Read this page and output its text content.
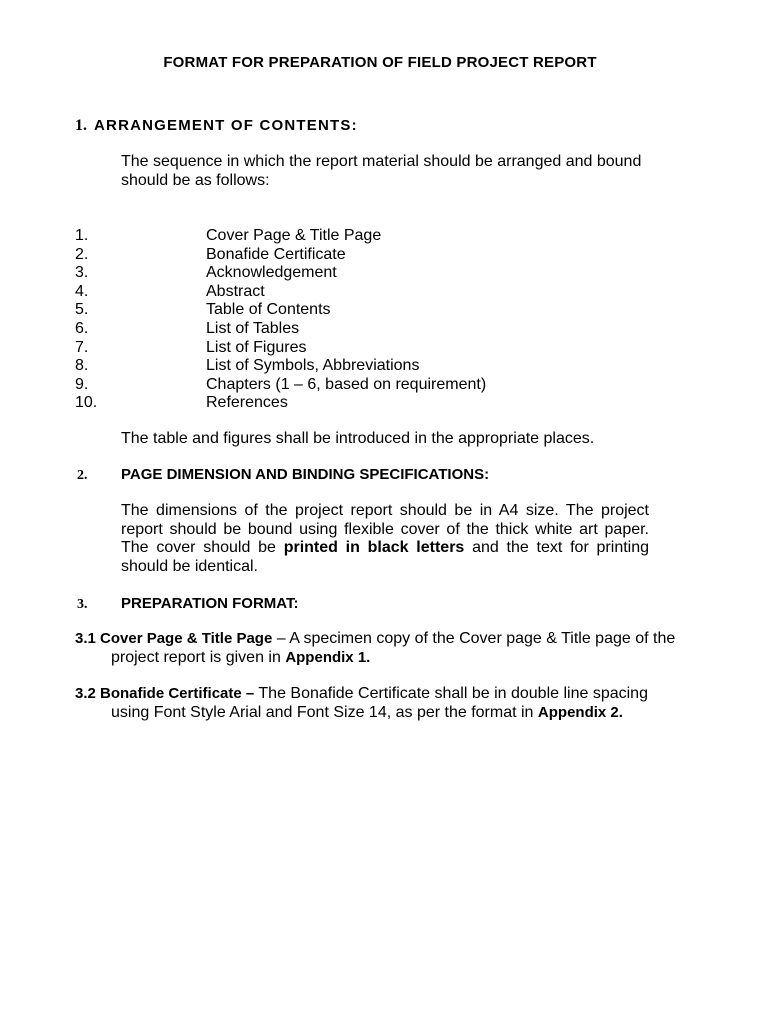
FORMAT FOR PREPARATION OF FIELD PROJECT REPORT
1. ARRANGEMENT OF CONTENTS:
The sequence in which the report material should be arranged and bound should be as follows:
1.	Cover Page & Title Page
2.	Bonafide Certificate
3.	Acknowledgement
4.	Abstract
5.	Table of Contents
6.	List of Tables
7.	List of Figures
8.	List of Symbols, Abbreviations
9.	Chapters (1 – 6, based on requirement)
10.	References
The table and figures shall be introduced in the appropriate places.
2. PAGE DIMENSION AND BINDING SPECIFICATIONS:
The dimensions of the project report should be in A4 size. The project report should be bound using flexible cover of the thick white art paper. The cover should be printed in black letters and the text for printing should be identical.
3. PREPARATION FORMAT:
3.1 Cover Page & Title Page – A specimen copy of the Cover page & Title page of the
project report is given in Appendix 1.
3.2 Bonafide Certificate – The Bonafide Certificate shall be in double line spacing
using Font Style Arial and Font Size 14, as per the format in Appendix 2.
